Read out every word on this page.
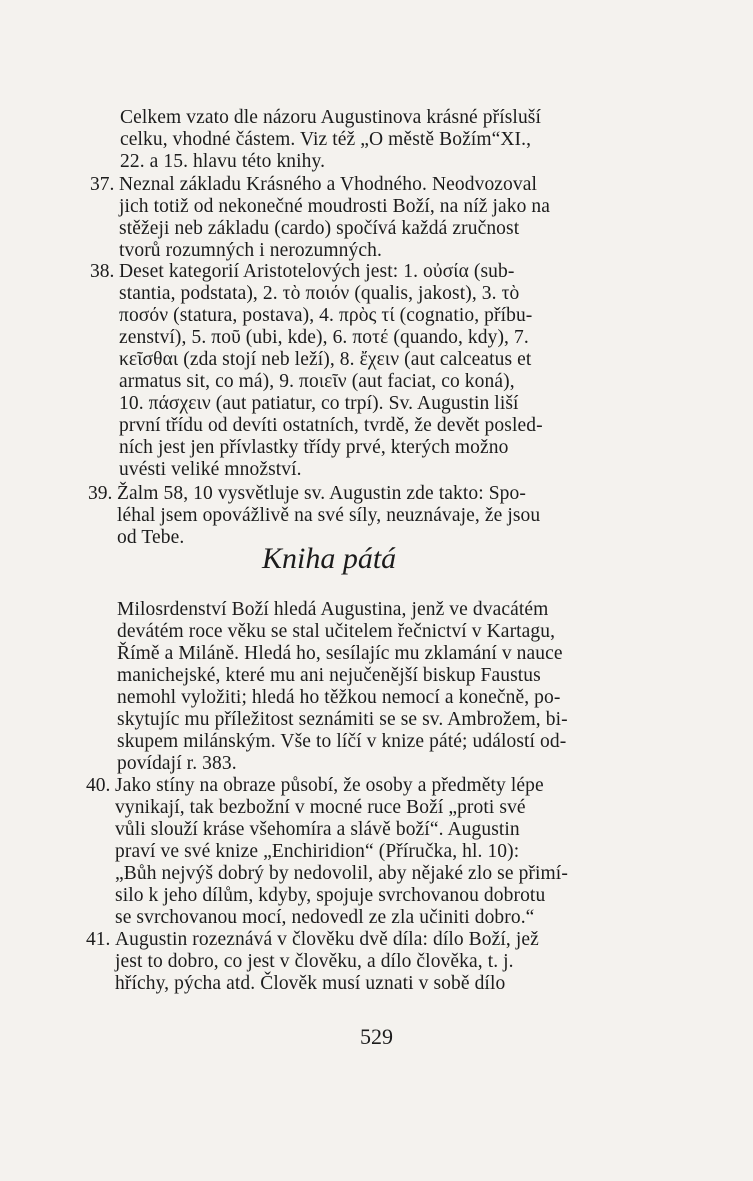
Celkem vzato dle názoru Augustinova krásné přísluší
celku, vhodné částem. Viz též „O městě Božím“XI.,
22. a 15. hlavu této knihy.
37. Neznal základu Krásného a Vhodného. Neodvozoval
jich totiž od nekonečné moudrosti Boží, na níž jako na
stěžeji neb základu (cardo) spočívá každá zručnost
tvorů rozumných i nerozumných.
38. Deset kategorií Aristotelových jest: 1. οὐσία (sub-
stantia, podstata), 2. τὸ ποιόν (qualis, jakost), 3. τὸ
ποσόν (statura, postava), 4. πρὸς τί (cognatio, příbu-
zenství), 5. ποῦ (ubi, kde), 6. ποτέ (quando, kdy), 7.
κεῖσθαι (zda stojí neb leží), 8. ἔχειν (aut calceatus et
armatus sit, co má), 9. ποιεῖν (aut faciat, co koná),
10. πάσχειν (aut patiatur, co trpí). Sv. Augustin liší
první třídu od devíti ostatních, tvrdě, že devět posled-
ních jest jen přívlastky třídy prvé, kterých možno
uvésti veliké množství.
39. Žalm 58, 10 vysvětluje sv. Augustin zde takto: Spo-
léhal jsem opovážlivě na své síly, neuznávaje, že jsou
od Tebe.
Kniha pátá
Milosrdenství Boží hledá Augustina, jenž ve dvacátém
devátém roce věku se stal učitelem řečnictví v Kartagu,
Římě a Miláně. Hledá ho, sesílajíc mu zklamání v nauce
manichejské, které mu ani nejučenější biskup Faustus
nemohl vyložiti; hledá ho těžkou nemocí a konečně, po-
skytujíc mu příležitost seznámiti se se sv. Ambrožem, bi-
skupem milánským. Vše to líčí v knize páté; událostí od-
povídají r. 383.
40. Jako stíny na obraze působí, že osoby a předměty lépe
vynikají, tak bezbožní v mocné ruce Boží „proti své
vůli slouží kráse všehomíra a slávě boží“. Augustin
praví ve své knize „Enchiridion“ (Příručka, hl. 10):
„Bůh nejvýš dobrý by nedovolil, aby nějaké zlo se přimí-
silo k jeho dílům, kdyby, spojuje svrchovanou dobrotu
se svrchovanou mocí, nedovedl ze zla učiniti dobro.“
41. Augustin rozeznává v člověku dvě díla: dílo Boží, jež
jest to dobro, co jest v člověku, a dílo člověka, t. j.
hříchy, pýcha atd. Člověk musí uznati v sobě dílo
529
